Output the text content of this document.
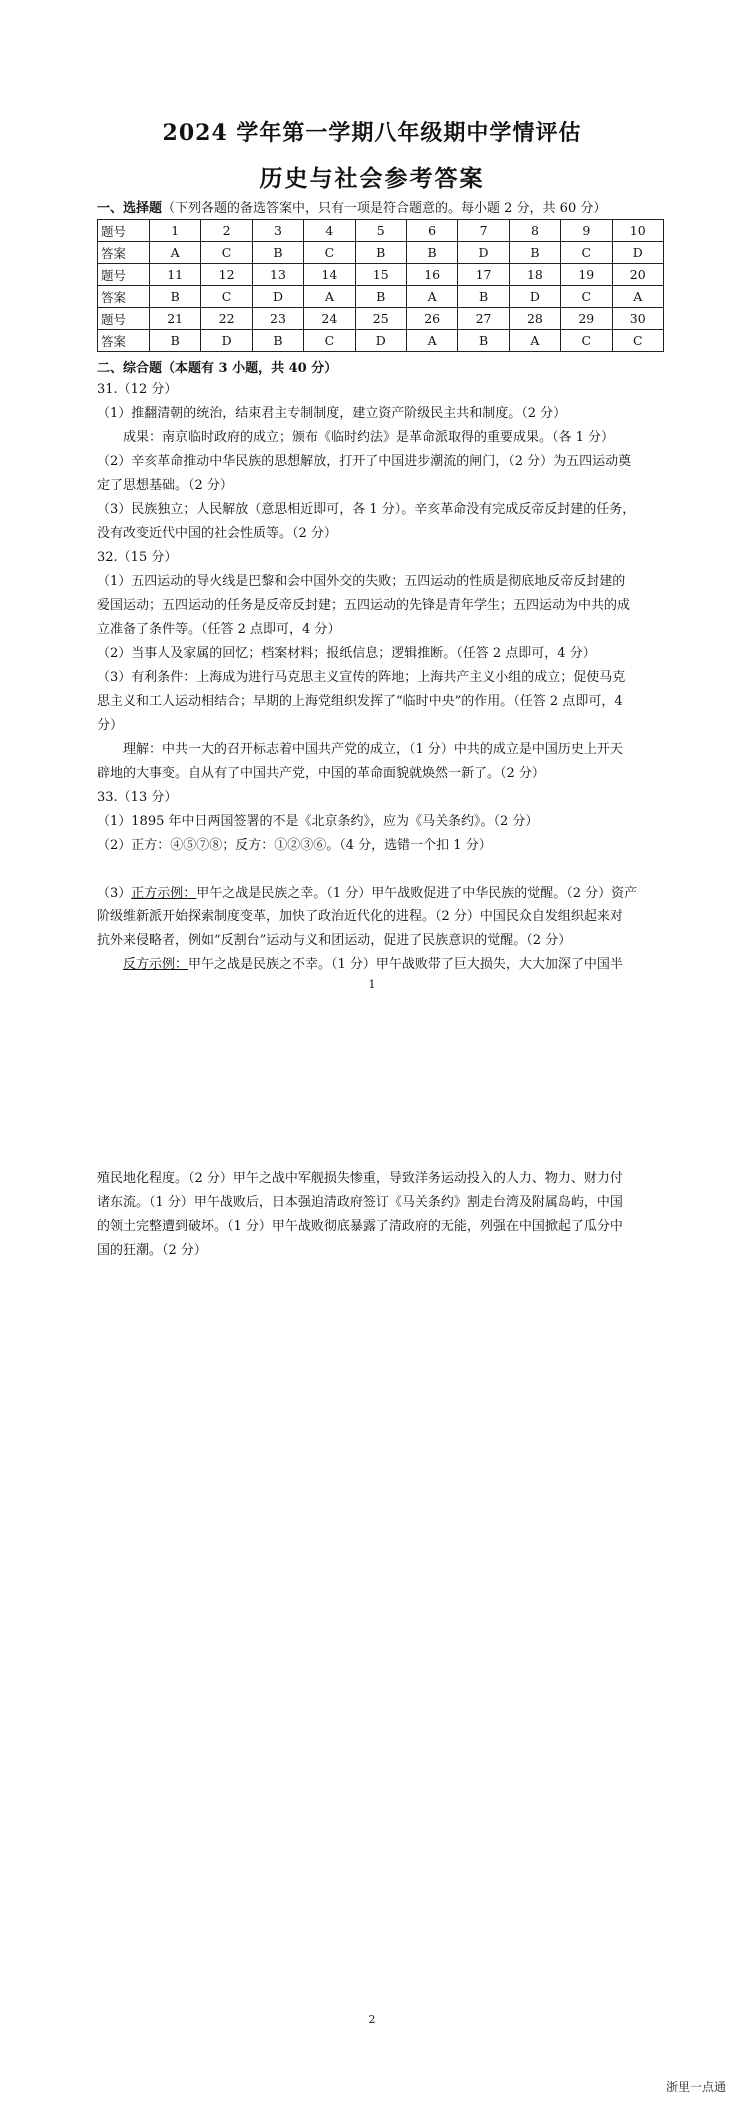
2024 学年第一学期八年级期中学情评估
历史与社会参考答案
一、选择题（下列各题的备选答案中，只有一项是符合题意的。每小题 2 分，共 60 分）
题号	1	2	3	4	5	6	7	8	9	10
答案	A	C	B	C	B	B	D	B	C	D
题号	11	12	13	14	15	16	17	18	19	20
答案	B	C	D	A	B	A	B	D	C	A
题号	21	22	23	24	25	26	27	28	29	30
答案	B	D	B	C	D	A	B	A	C	C
二、综合题（本题有 3 小题，共 40 分）
31.（12 分）
（1）推翻清朝的统治，结束君主专制制度，建立资产阶级民主共和制度。（2 分）
成果：南京临时政府的成立；颁布《临时约法》是革命派取得的重要成果。（各 1 分）
（2）辛亥革命推动中华民族的思想解放，打开了中国进步潮流的闸门，（2 分）为五四运动奠
定了思想基础。（2 分）
（3）民族独立；人民解放（意思相近即可，各 1 分）。辛亥革命没有完成反帝反封建的任务，
没有改变近代中国的社会性质等。（2 分）
32.（15 分）
（1）五四运动的导火线是巴黎和会中国外交的失败；五四运动的性质是彻底地反帝反封建的
爱国运动；五四运动的任务是反帝反封建；五四运动的先锋是青年学生；五四运动为中共的成
立准备了条件等。（任答 2 点即可，4 分）
（2）当事人及家属的回忆；档案材料；报纸信息；逻辑推断。（任答 2 点即可，4 分）
（3）有利条件：上海成为进行马克思主义宣传的阵地；上海共产主义小组的成立；促使马克
思主义和工人运动相结合；早期的上海党组织发挥了“临时中央”的作用。（任答 2 点即可，4
分）
理解：中共一大的召开标志着中国共产党的成立，（1 分）中共的成立是中国历史上开天
辟地的大事变。自从有了中国共产党，中国的革命面貌就焕然一新了。（2 分）
33.（13 分）
（1）1895 年中日两国签署的不是《北京条约》，应为《马关条约》。（2 分）
（2）正方：④⑤⑦⑧；反方：①②③⑥。（4 分，选错一个扣 1 分）
（3）正方示例：甲午之战是民族之幸。（1 分）甲午战败促进了中华民族的觉醒。（2 分）资产
阶级维新派开始探索制度变革，加快了政治近代化的进程。（2 分）中国民众自发组织起来对
抗外来侵略者，例如“反割台”运动与义和团运动，促进了民族意识的觉醒。（2 分）
反方示例：甲午之战是民族之不幸。（1 分）甲午战败带了巨大损失，大大加深了中国半
1
殖民地化程度。（2 分）甲午之战中军舰损失惨重，导致洋务运动投入的人力、物力、财力付
诸东流。（1 分）甲午战败后，日本强迫清政府签订《马关条约》割走台湾及附属岛屿，中国
的领土完整遭到破坏。（1 分）甲午战败彻底暴露了清政府的无能，列强在中国掀起了瓜分中
国的狂潮。（2 分）
2
浙里一点通
